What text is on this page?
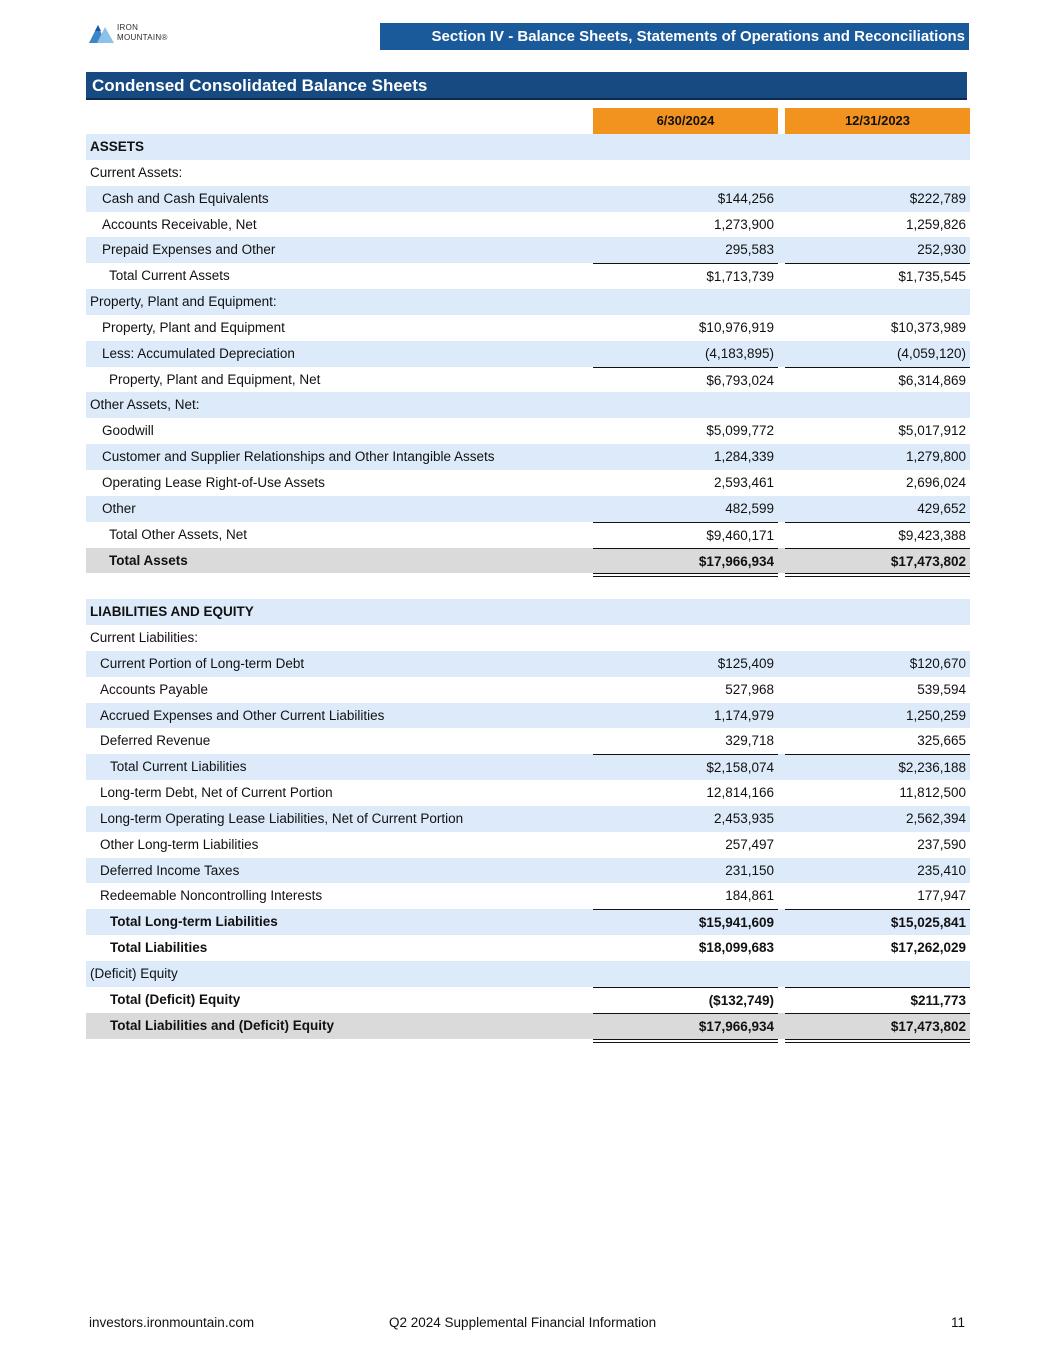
IRON
MOUNTAIN®	Section IV - Balance Sheets, Statements of Operations and Reconciliations
Condensed Consolidated Balance Sheets
6/30/2024	12/31/2023
ASSETS
Current Assets:
Cash and Cash Equivalents	$144,256	$222,789
Accounts Receivable, Net	1,273,900	1,259,826
Prepaid Expenses and Other	295,583	252,930
Total Current Assets	$1,713,739	$1,735,545
Property, Plant and Equipment:
Property, Plant and Equipment	$10,976,919	$10,373,989
Less: Accumulated Depreciation	(4,183,895)	(4,059,120)
Property, Plant and Equipment, Net	$6,793,024	$6,314,869
Other Assets, Net:
Goodwill	$5,099,772	$5,017,912
Customer and Supplier Relationships and Other Intangible Assets	1,284,339	1,279,800
Operating Lease Right-of-Use Assets	2,593,461	2,696,024
Other	482,599	429,652
Total Other Assets, Net	$9,460,171	$9,423,388
Total Assets	$17,966,934	$17,473,802
LIABILITIES AND EQUITY
Current Liabilities:
Current Portion of Long-term Debt	$125,409	$120,670
Accounts Payable	527,968	539,594
Accrued Expenses and Other Current Liabilities	1,174,979	1,250,259
Deferred Revenue	329,718	325,665
Total Current Liabilities	$2,158,074	$2,236,188
Long-term Debt, Net of Current Portion	12,814,166	11,812,500
Long-term Operating Lease Liabilities, Net of Current Portion	2,453,935	2,562,394
Other Long-term Liabilities	257,497	237,590
Deferred Income Taxes	231,150	235,410
Redeemable Noncontrolling Interests	184,861	177,947
Total Long-term Liabilities	$15,941,609	$15,025,841
Total Liabilities	$18,099,683	$17,262,029
(Deficit) Equity
Total (Deficit) Equity	($132,749)	$211,773
Total Liabilities and (Deficit) Equity	$17,966,934	$17,473,802
investors.ironmountain.com	Q2 2024 Supplemental Financial Information	11
